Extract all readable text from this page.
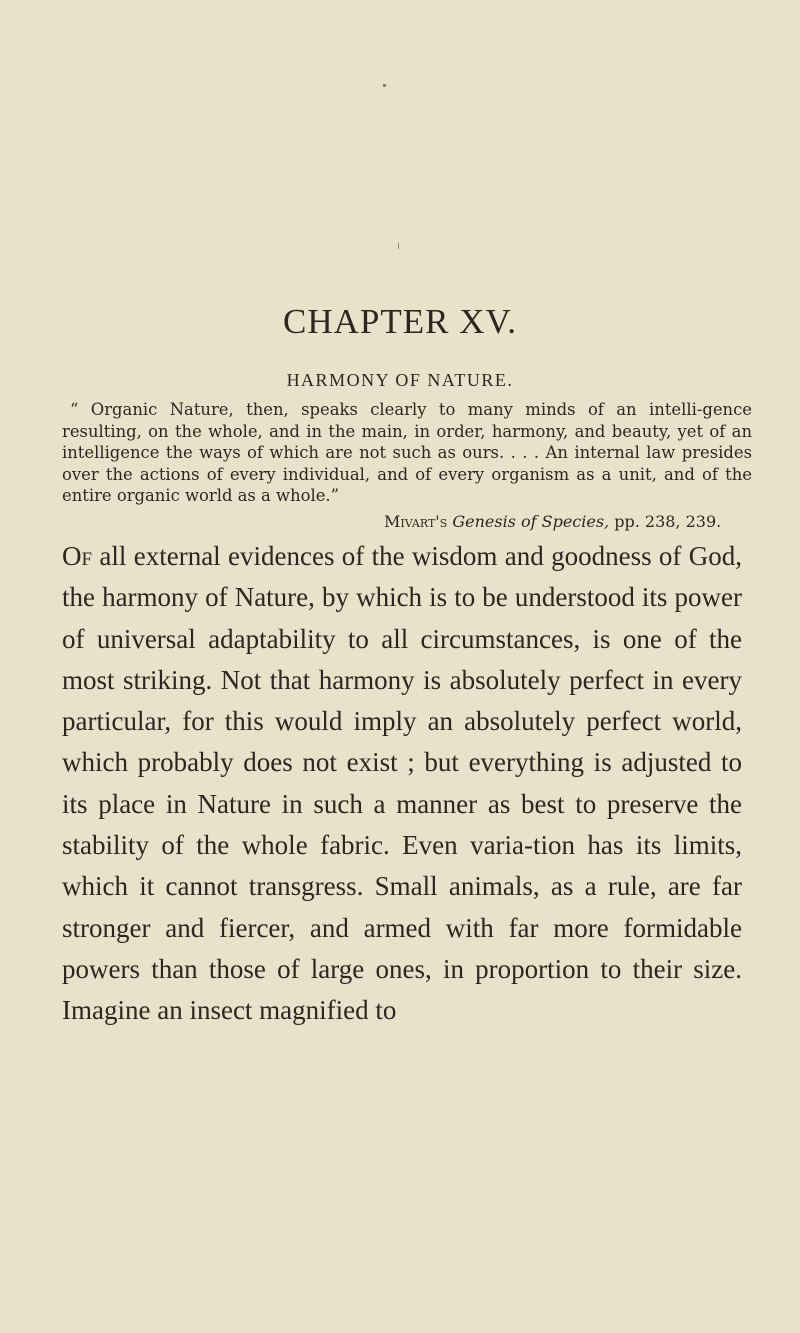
CHAPTER XV.
HARMONY OF NATURE.
“ Organic Nature, then, speaks clearly to many minds of an intelli-gence resulting, on the whole, and in the main, in order, harmony, and beauty, yet of an intelligence the ways of which are not such as ours. . . . An internal law presides over the actions of every individual, and of every organism as a unit, and of the entire organic world as a whole.”
Mivart's Genesis of Species, pp. 238, 239.
Of all external evidences of the wisdom and goodness of God, the harmony of Nature, by which is to be understood its power of universal adaptability to all circumstances, is one of the most striking. Not that harmony is absolutely perfect in every particular, for this would imply an absolutely perfect world, which probably does not exist ; but everything is adjusted to its place in Nature in such a manner as best to preserve the stability of the whole fabric. Even varia-tion has its limits, which it cannot transgress. Small animals, as a rule, are far stronger and fiercer, and armed with far more formidable powers than those of large ones, in proportion to their size. Imagine an insect magnified to
